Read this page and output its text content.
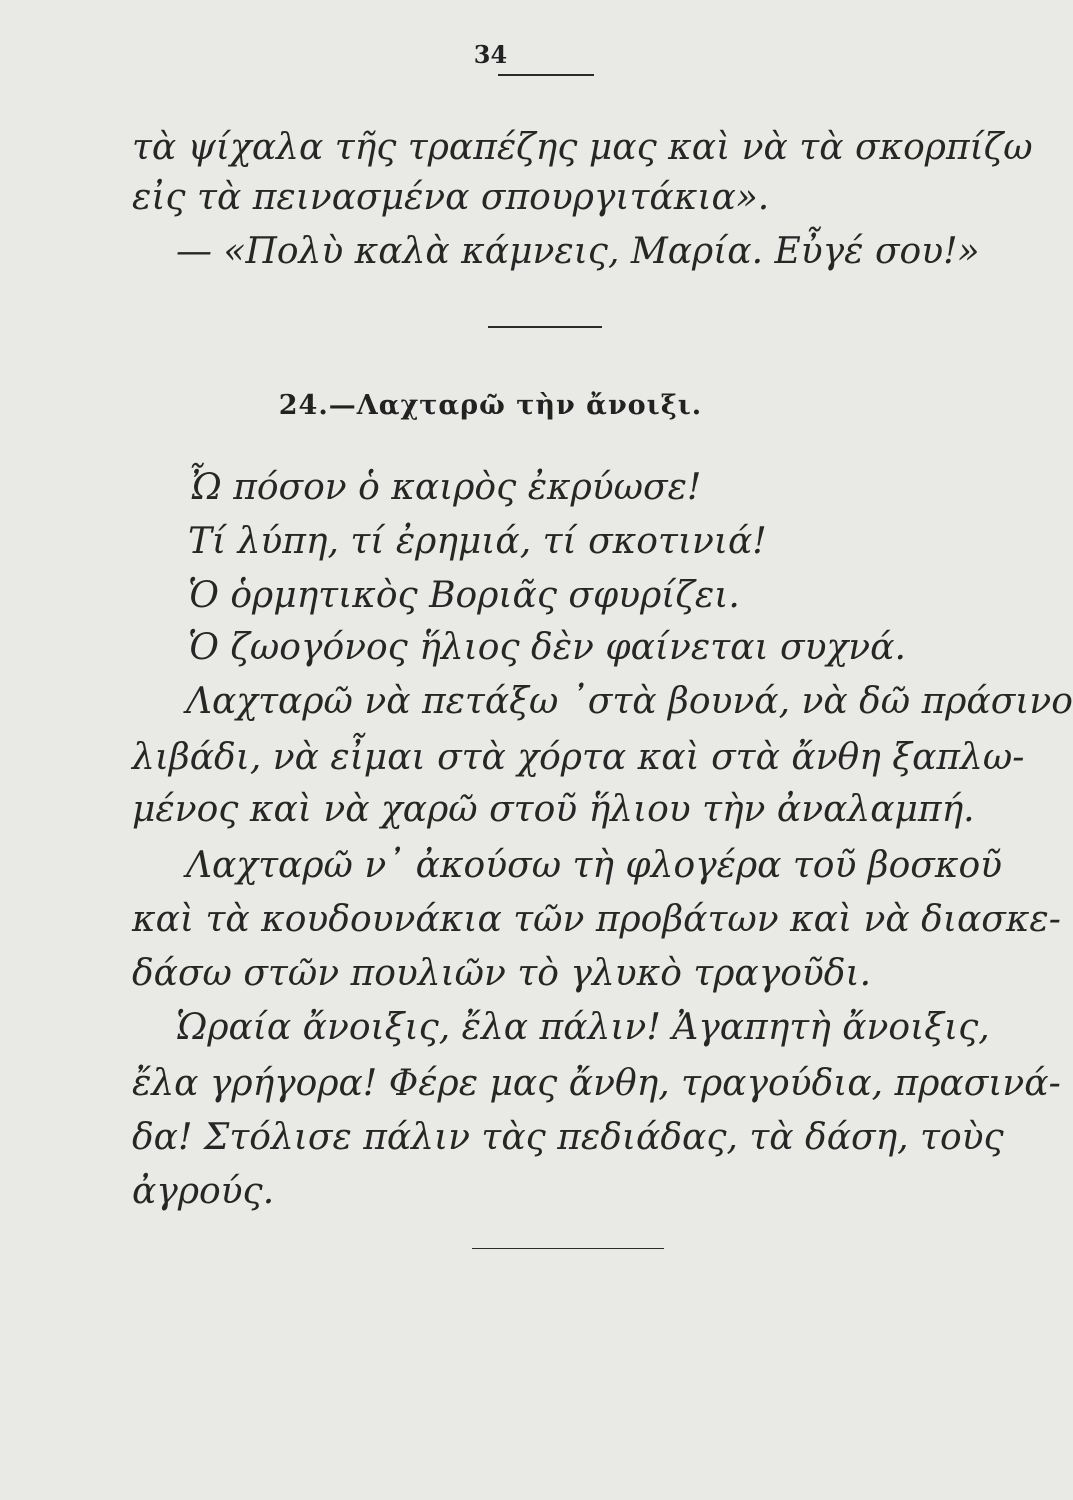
34
τὰ ψίχαλα τῆς τραπέζης μας καὶ νὰ τὰ σκορπίζω
εἰς τὰ πεινασμένα σπουργιτάκια».
— «Πολὺ καλὰ κάμνεις, Μαρία. Εὖγέ σου!»
24.—Λαχταρῶ τὴν ἄνοιξι.
Ὦ πόσον ὁ καιρὸς ἐκρύωσε!
Τί λύπη, τί ἐρημιά, τί σκοτινιά!
Ὁ ὁρμητικὸς Βοριᾶς σφυρίζει.
Ὁ ζωογόνος ἥλιος δὲν φαίνεται συχνά.
Λαχταρῶ νὰ πετάξω ᾿στὰ βουνά, νὰ δῶ πράσινο
λιβάδι, νὰ εἶμαι στὰ χόρτα καὶ στὰ ἄνθη ξαπλω-
μένος καὶ νὰ χαρῶ στοῦ ἥλιου τὴν ἀναλαμπή.
Λαχταρῶ ν᾿ ἀκούσω τὴ φλογέρα τοῦ βοσκοῦ
καὶ τὰ κουδουνάκια τῶν προβάτων καὶ νὰ διασκε-
δάσω στῶν πουλιῶν τὸ γλυκὸ τραγοῦδι.
Ὡραία ἄνοιξις, ἔλα πάλιν! Ἀγαπητὴ ἄνοιξις,
ἔλα γρήγορα! Φέρε μας ἄνθη, τραγούδια, πρασινά-
δα! Στόλισε πάλιν τὰς πεδιάδας, τὰ δάση, τοὺς
ἀγρούς.
